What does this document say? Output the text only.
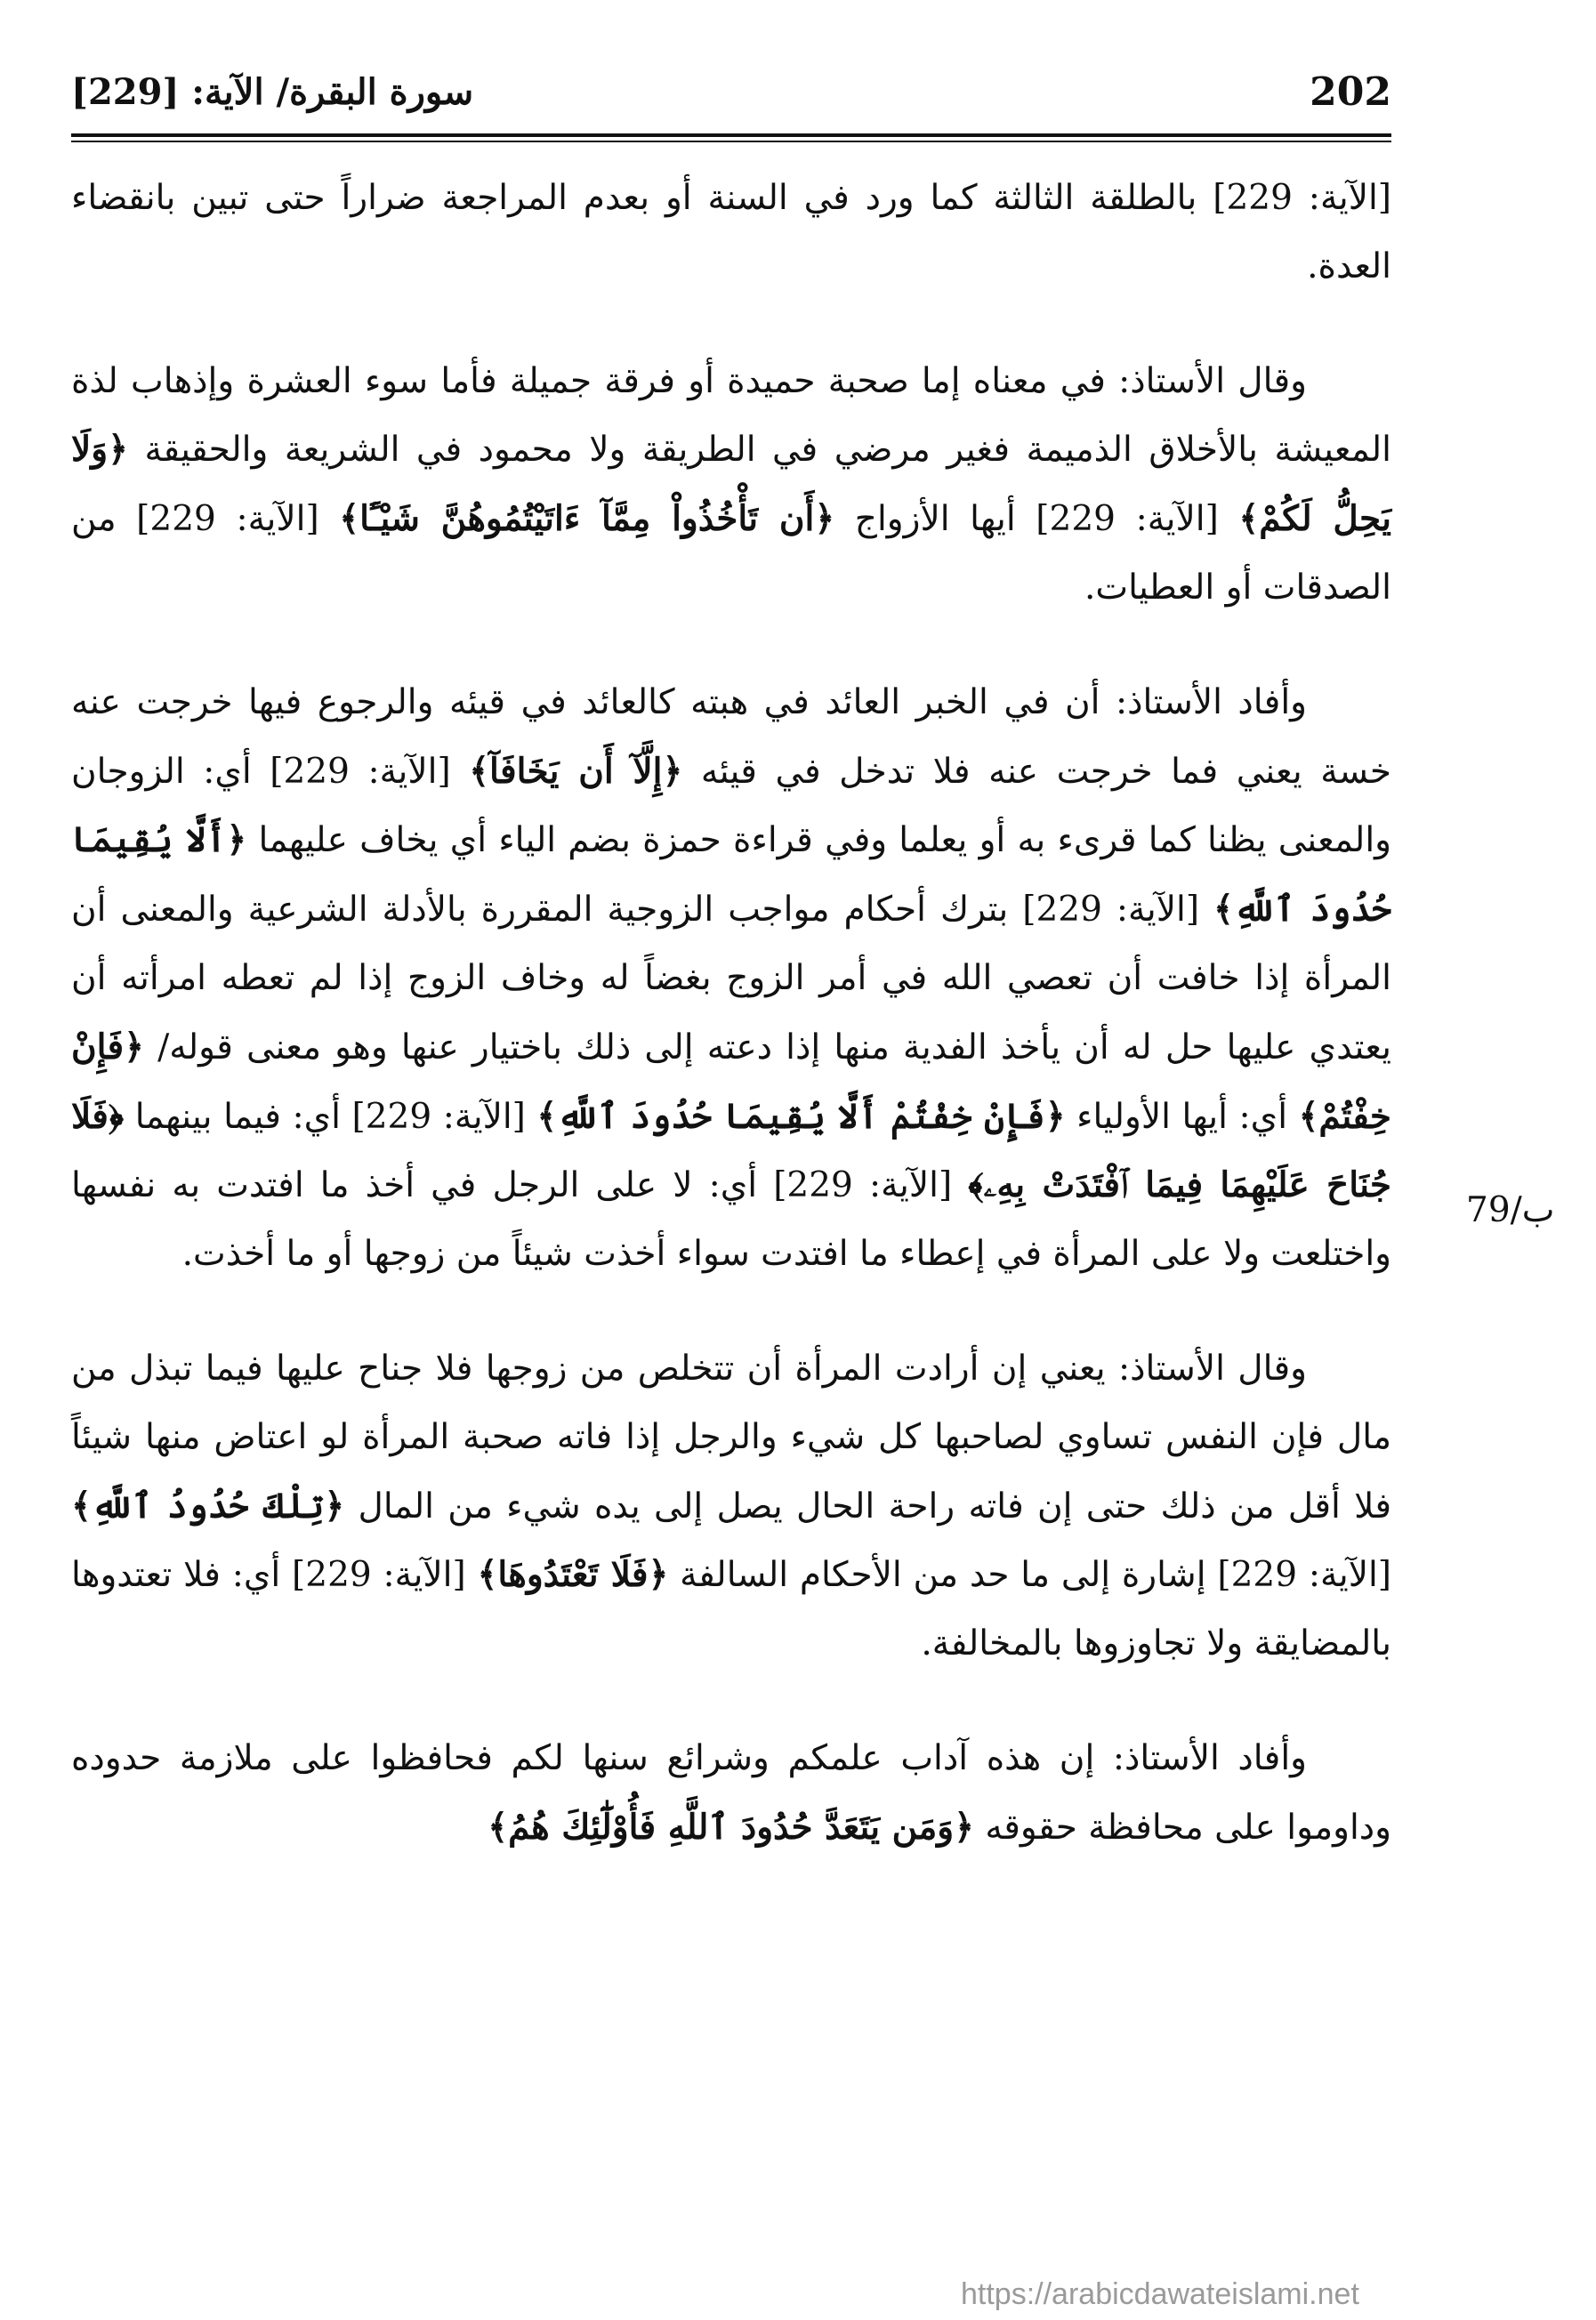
202
سورة البقرة/ الآية: [229]

[الآية: 229] بالطلقة الثالثة كما ورد في السنة أو بعدم المراجعة ضراراً حتى تبين بانقضاء العدة.

وقال الأستاذ: في معناه إما صحبة حميدة أو فرقة جميلة فأما سوء العشرة وإذهاب لذة المعيشة بالأخلاق الذميمة فغير مرضي في الطريقة ولا محمود في الشريعة والحقيقة ﴿وَلَا يَحِلُّ لَكُمْ﴾ [الآية: 229] أيها الأزواج ﴿أَن تَأْخُذُواْ مِمَّآ ءَاتَيْتُمُوهُنَّ شَيْـًٔا﴾ [الآية: 229] من الصدقات أو العطيات.

وأفاد الأستاذ: أن في الخبر العائد في هبته كالعائد في قيئه والرجوع فيها خرجت عنه خسة يعني فما خرجت عنه فلا تدخل في قيئه ﴿إِلَّآ أَن يَخَافَآ﴾ [الآية: 229] أي: الزوجان والمعنى يظنا كما قرىء به أو يعلما وفي قراءة حمزة بضم الياء أي يخاف عليهما ﴿أَلَّا يُقِيمَا حُدُودَ ٱللَّهِ﴾ [الآية: 229] بترك أحكام مواجب الزوجية المقررة بالأدلة الشرعية والمعنى أن المرأة إذا خافت أن تعصي الله في أمر الزوج بغضاً له وخاف الزوج إذا لم تعطه امرأته أن يعتدي عليها حل له أن يأخذ الفدية منها إذا دعته إلى ذلك باختيار عنها وهو معنى قوله/ ﴿فَإِنْ خِفْتُمْ﴾ أي: أيها الأولياء ﴿فَإِنْ خِفْتُمْ أَلَّا يُقِيمَا حُدُودَ ٱللَّهِ﴾ [الآية: 229] أي: فيما بينهما ﴿فَلَا جُنَاحَ عَلَيْهِمَا فِيمَا ٱفْتَدَتْ بِهِۦ﴾ [الآية: 229] أي: لا على الرجل في أخذ ما افتدت به نفسها واختلعت ولا على المرأة في إعطاء ما افتدت سواء أخذت شيئاً من زوجها أو ما أخذت.

وقال الأستاذ: يعني إن أرادت المرأة أن تتخلص من زوجها فلا جناح عليها فيما تبذل من مال فإن النفس تساوي لصاحبها كل شيء والرجل إذا فاته صحبة المرأة لو اعتاض منها شيئاً فلا أقل من ذلك حتى إن فاته راحة الحال يصل إلى يده شيء من المال ﴿تِلْكَ حُدُودُ ٱللَّهِ﴾ [الآية: 229] إشارة إلى ما حد من الأحكام السالفة ﴿فَلَا تَعْتَدُوهَا﴾ [الآية: 229] أي: فلا تعتدوها بالمضايقة ولا تجاوزوها بالمخالفة.

وأفاد الأستاذ: إن هذه آداب علمكم وشرائع سنها لكم فحافظوا على ملازمة حدوده وداوموا على محافظة حقوقه ﴿وَمَن يَتَعَدَّ حُدُودَ ٱللَّهِ فَأُوْلَٰٓئِكَ هُمُ﴾

79/ب
https://arabicdawateislami.net
